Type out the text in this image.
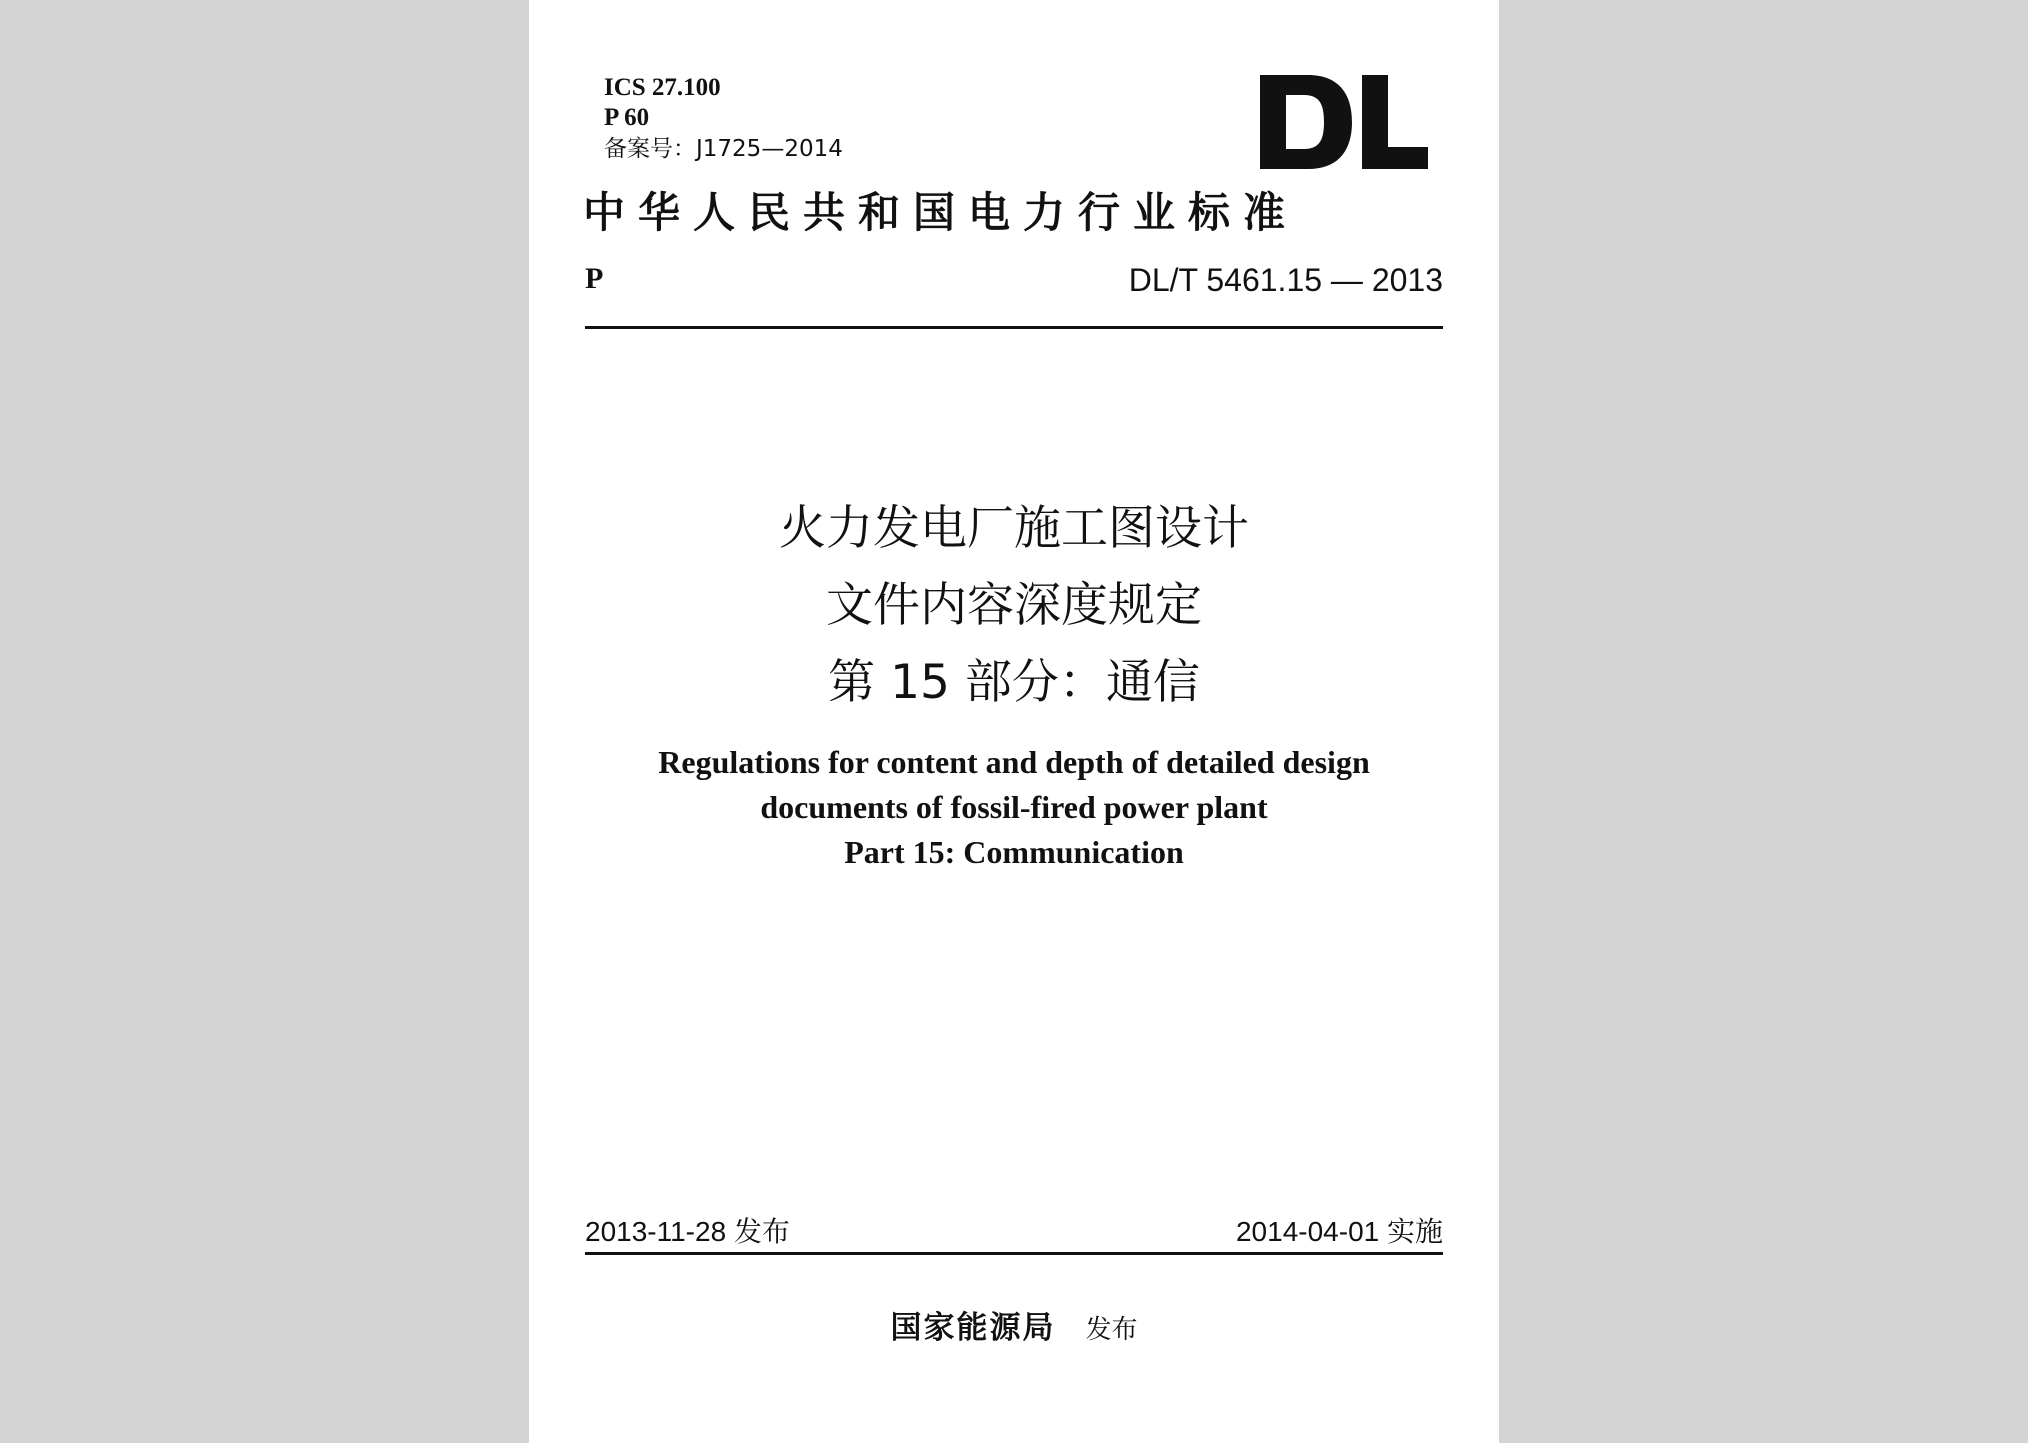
ICS 27.100
P 60
备案号：J1725—2014
中华人民共和国电力行业标准
P	DL/T 5461.15 — 2013
火力发电厂施工图设计
文件内容深度规定
第 15 部分：通信
Regulations for content and depth of detailed design
documents of fossil-fired power plant
Part 15: Communication
2013-11-28 发布	2014-04-01 实施
国家能源局 发布
